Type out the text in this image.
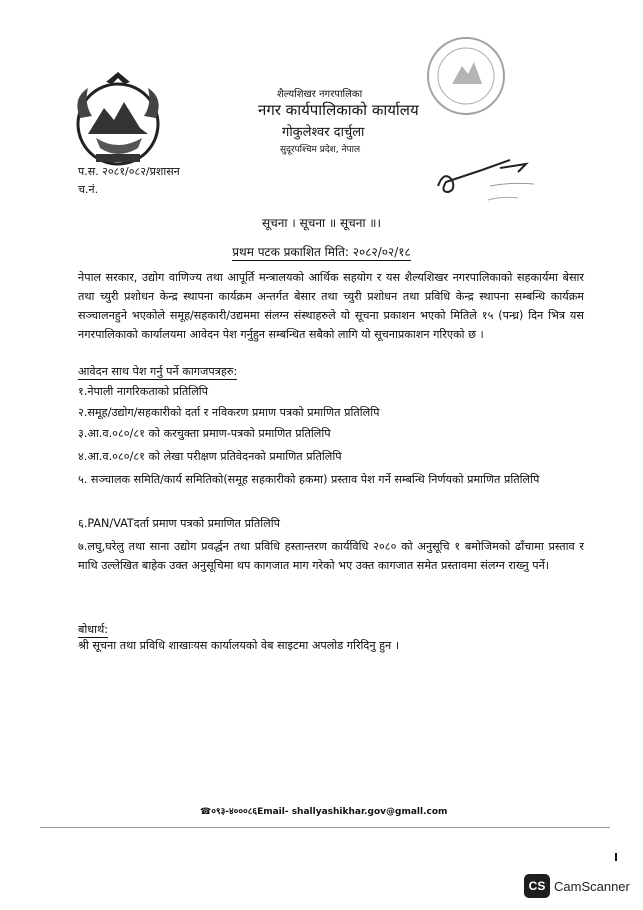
शैल्यशिखर नगरपालिका
नगर कार्यपालिकाको कार्यालय
गोकुलेश्वर दार्चुला
सुदूरपश्चिम प्रदेश, नेपाल
प.स. २०८१/०८२/प्रशासन
च.नं.
सूचना । सूचना ॥ सूचना ॥।
प्रथम पटक प्रकाशित मिति: २०८२/०२/१८

नेपाल सरकार, उद्योग वाणिज्य तथा आपूर्ति मन्त्रालयको आर्थिक सहयोग र यस शैल्यशिखर नगरपालिकाको सहकार्यमा बेसार तथा च्युरी प्रशोधन केन्द्र स्थापना कार्यक्रम अन्तर्गत बेसार तथा च्युरी प्रशोधन तथा प्रविधि केन्द्र स्थापना सम्बन्धि कार्यक्रम सञ्चालनहुने भएकोले समूह/सहकारी/उद्यममा संलग्न संस्थाहरुले यो सूचना प्रकाशन भएको मितिले १५ (पन्ध्र) दिन भित्र यस नगरपालिकाको कार्यालयमा आवेदन पेश गर्नुहुन सम्बन्धित सबैको लागि यो सूचनाप्रकाशन गरिएको छ ।

आवेदन साथ पेश गर्नु पर्ने कागजपत्रहरु:

१.नेपाली नागरिकताको प्रतिलिपि

२.समूह/उद्योग/सहकारीको दर्ता र नविकरण प्रमाण पत्रको प्रमाणित प्रतिलिपि

३.आ.व.०८०/८१ को करचुक्ता प्रमाण-पत्रको प्रमाणित प्रतिलिपि

४.आ.व.०८०/८१ को लेखा परीक्षण प्रतिवेदनको प्रमाणित प्रतिलिपि

५. सञ्चालक समिति/कार्य समितिको(समूह सहकारीको हकमा) प्रस्ताव पेश गर्ने सम्बन्धि निर्णयको प्रमाणित प्रतिलिपि

६.PAN/VATदर्ता प्रमाण पत्रको प्रमाणित प्रतिलिपि

७.लघु,घरेलु तथा साना उद्योग प्रवर्द्धन तथा प्रविधि हस्तान्तरण कार्यविधि २०८० को अनुसूचि १ बमोजिमको ढाँचामा प्रस्ताव र माथि उल्लेखित बाहेक उक्त अनुसूचिमा थप कागजात माग गरेको भए उक्त कागजात समेत प्रस्तावमा संलग्न राख्नु पर्ने।

बोधार्थ:
श्री सूचना तथा प्रविधि शाखाःयस कार्यालयको वेब साइटमा अपलोड गरिदिनु हुन ।
☎०९३-४०००८६Email- shallyashikhar.gov@gmall.com
CS CamScanner
